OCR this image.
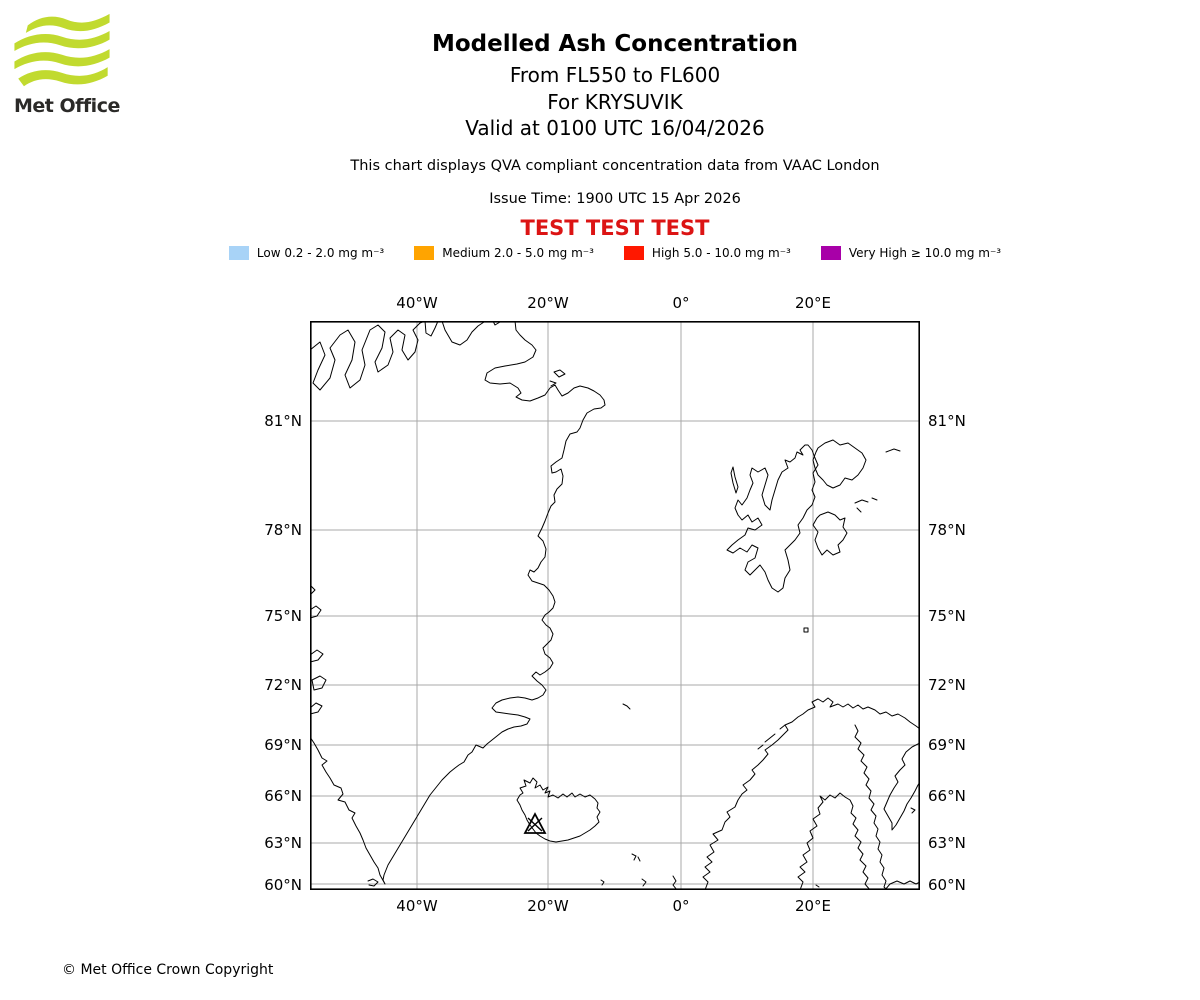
Met Office
Modelled Ash Concentration
From FL550 to FL600
For KRYSUVIK
Valid at 0100 UTC 16/04/2026
This chart displays QVA compliant concentration data from VAAC London
Issue Time: 1900 UTC 15 Apr 2026
TEST TEST TEST
Low 0.2 - 2.0 mg m⁻³	Medium 2.0 - 5.0 mg m⁻³	High 5.0 - 10.0 mg m⁻³	Very High ≥ 10.0 mg m⁻³
40°W	20°W	0°	20°E
40°W	20°W	0°	20°E
81°N
78°N
75°N
72°N
69°N
66°N
63°N
60°N
81°N
78°N
75°N
72°N
69°N
66°N
63°N
60°N
© Met Office Crown Copyright
